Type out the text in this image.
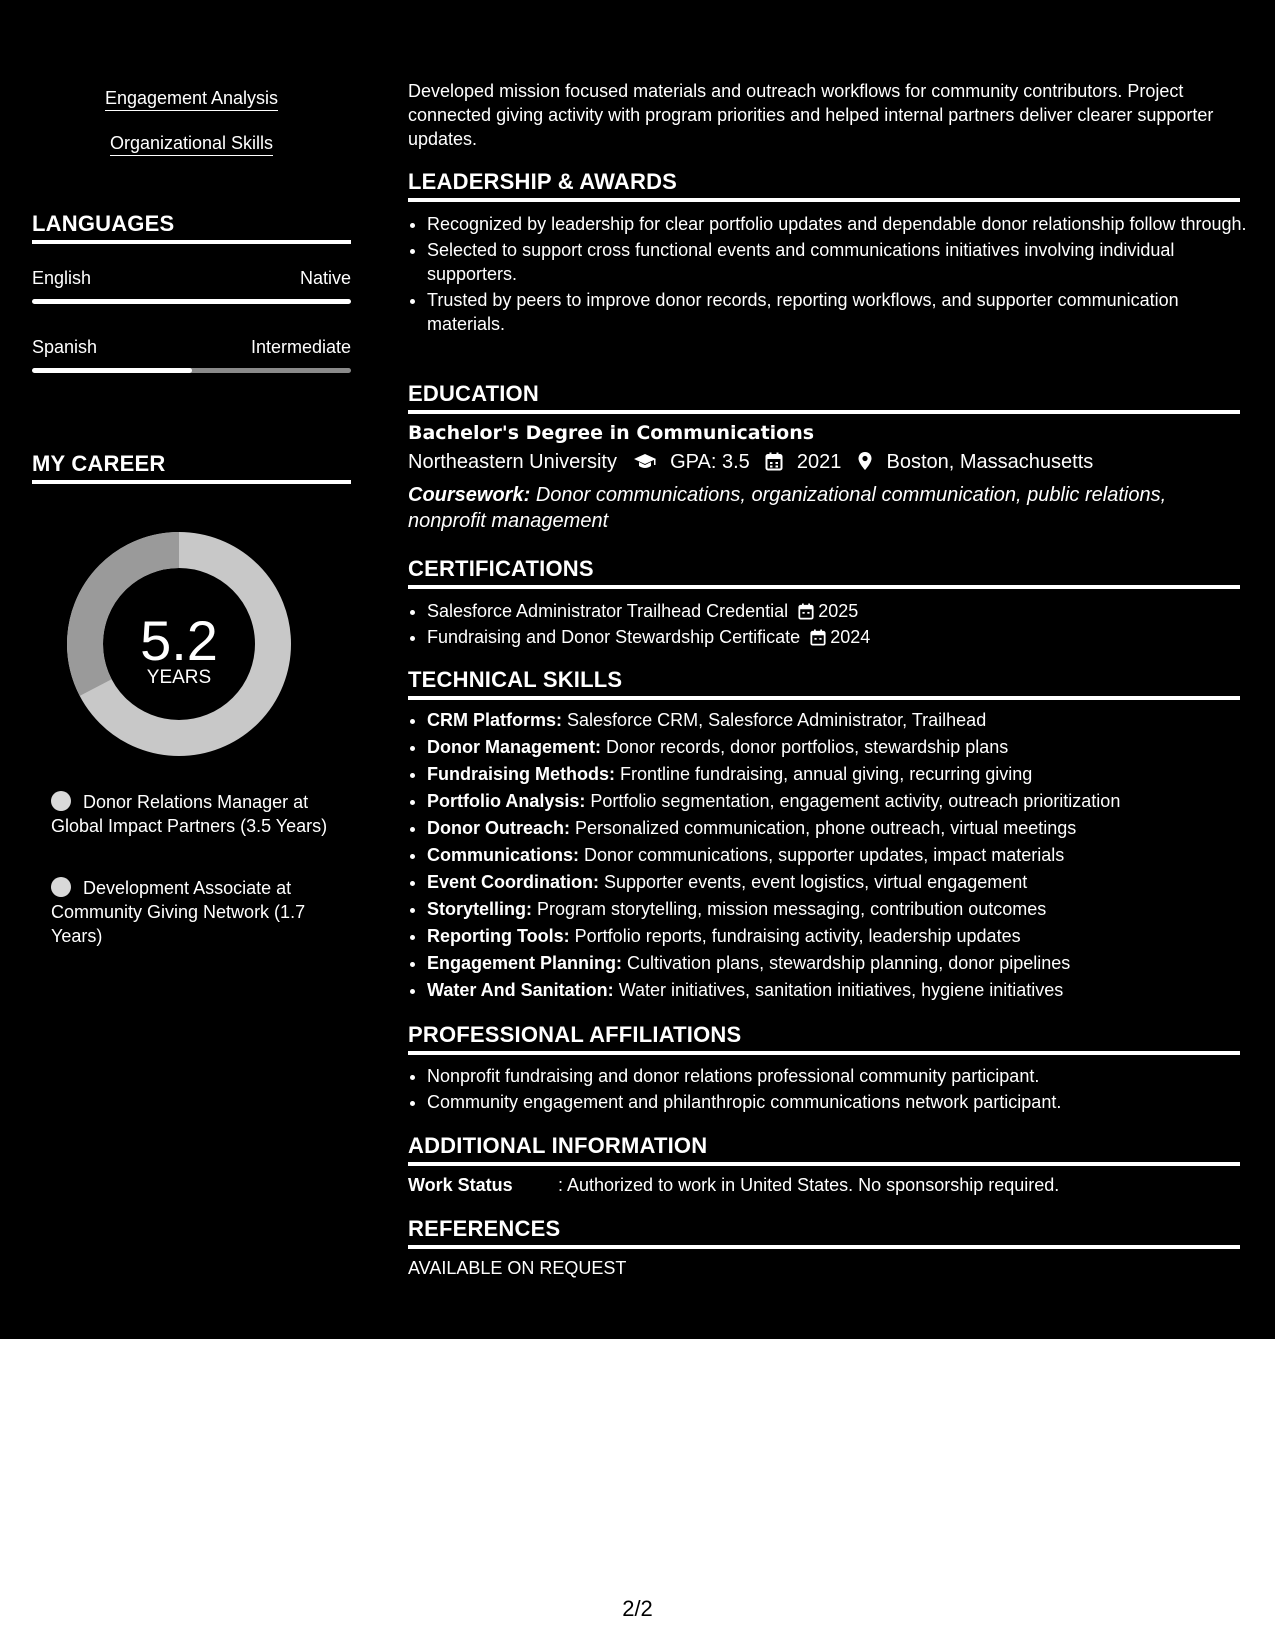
Engagement Analysis
Organizational Skills
LANGUAGES
English	Native
Spanish	Intermediate
MY CAREER
5.2
YEARS
Donor Relations Manager at Global Impact Partners (3.5 Years)
Development Associate at Community Giving Network (1.7 Years)
Developed mission focused materials and outreach workflows for community contributors. Project connected giving activity with program priorities and helped internal partners deliver clearer supporter updates.
LEADERSHIP & AWARDS
• Recognized by leadership for clear portfolio updates and dependable donor relationship follow through.
• Selected to support cross functional events and communications initiatives involving individual supporters.
• Trusted by peers to improve donor records, reporting workflows, and supporter communication materials.
EDUCATION
Bachelor's Degree in Communications
Northeastern University	GPA: 3.5 2021 Boston, Massachusetts
Coursework: Donor communications, organizational communication, public relations, nonprofit management
CERTIFICATIONS
• Salesforce Administrator Trailhead Credential 2025
• Fundraising and Donor Stewardship Certificate 2024
TECHNICAL SKILLS
• CRM Platforms: Salesforce CRM, Salesforce Administrator, Trailhead
• Donor Management: Donor records, donor portfolios, stewardship plans
• Fundraising Methods: Frontline fundraising, annual giving, recurring giving
• Portfolio Analysis: Portfolio segmentation, engagement activity, outreach prioritization
• Donor Outreach: Personalized communication, phone outreach, virtual meetings
• Communications: Donor communications, supporter updates, impact materials
• Event Coordination: Supporter events, event logistics, virtual engagement
• Storytelling: Program storytelling, mission messaging, contribution outcomes
• Reporting Tools: Portfolio reports, fundraising activity, leadership updates
• Engagement Planning: Cultivation plans, stewardship planning, donor pipelines
• Water And Sanitation: Water initiatives, sanitation initiatives, hygiene initiatives
PROFESSIONAL AFFILIATIONS
• Nonprofit fundraising and donor relations professional community participant.
• Community engagement and philanthropic communications network participant.
ADDITIONAL INFORMATION
Work Status	: Authorized to work in United States. No sponsorship required.
REFERENCES
AVAILABLE ON REQUEST
2/2
